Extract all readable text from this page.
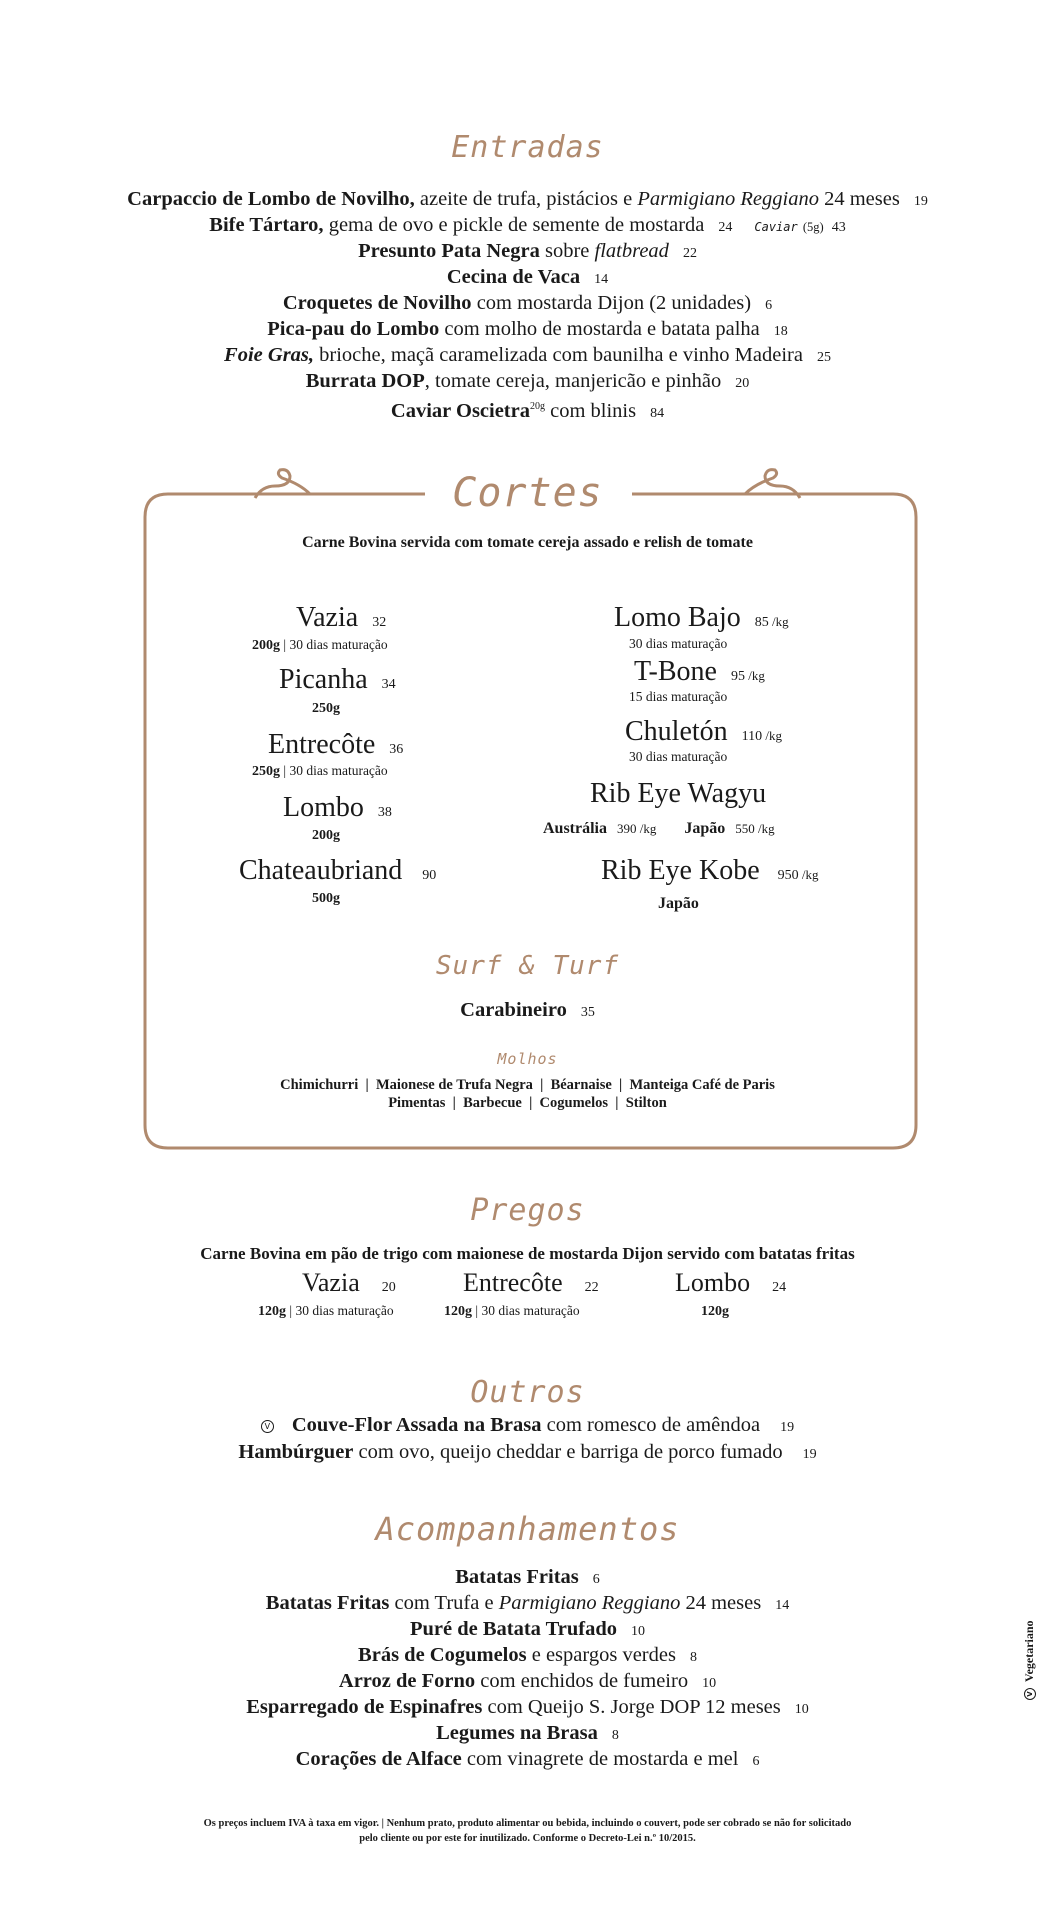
Entradas
Carpaccio de Lombo de Novilho, azeite de trufa, pistácios e Parmigiano Reggiano 24 meses 19
Bife Tártaro, gema de ovo e pickle de semente de mostarda 24 Caviar (5g) 43
Presunto Pata Negra sobre flatbread 22
Cecina de Vaca 14
Croquetes de Novilho com mostarda Dijon (2 unidades) 6
Pica-pau do Lombo com molho de mostarda e batata palha 18
Foie Gras, brioche, maçã caramelizada com baunilha e vinho Madeira 25
Burrata DOP, tomate cereja, manjericão e pinhão 20
Caviar Oscietra$^{20g}$ com blinis 84
Cortes
Carne Bovina servida com tomate cereja assado e relish de tomate
Vazia 32
200g | 30 dias maturação
Picanha 34
250g
Entrecôte 36
250g | 30 dias maturação
Lombo 38
200g
Chateaubriand 90
500g
Lomo Bajo 85 /kg
30 dias maturação
T-Bone 95 /kg
15 dias maturação
Chuletón 110 /kg
30 dias maturação
Rib Eye Wagyu
Austrália 390 /kg Japão 550 /kg
Rib Eye Kobe 950 /kg
Japão
Surf & Turf
Carabineiro 35
Molhos
Chimichurri  |  Maionese de Trufa Negra  |  Béarnaise  |  Manteiga Café de Paris
Pimentas  |  Barbecue  |  Cogumelos  |  Stilton
Pregos
Carne Bovina em pão de trigo com maionese de mostarda Dijon servido com batatas fritas
Vazia 20
120g | 30 dias maturação
Entrecôte 22
120g | 30 dias maturação
Lombo 24
120g
Outros
V Couve-Flor Assada na Brasa com romesco de amêndoa 19
Hambúrguer com ovo, queijo cheddar e barriga de porco fumado 19
Acompanhamentos
Batatas Fritas 6
Batatas Fritas com Trufa e Parmigiano Reggiano 24 meses 14
Puré de Batata Trufado 10
Brás de Cogumelos e espargos verdes 8
Arroz de Forno com enchidos de fumeiro 10
Esparregado de Espinafres com Queijo S. Jorge DOP 12 meses 10
Legumes na Brasa 8
Corações de Alface com vinagrete de mostarda e mel 6
VVegetariano
Os preços incluem IVA à taxa em vigor. | Nenhum prato, produto alimentar ou bebida, incluindo o couvert, pode ser cobrado se não for solicitado
pelo cliente ou por este for inutilizado. Conforme o Decreto-Lei n.º 10/2015.
